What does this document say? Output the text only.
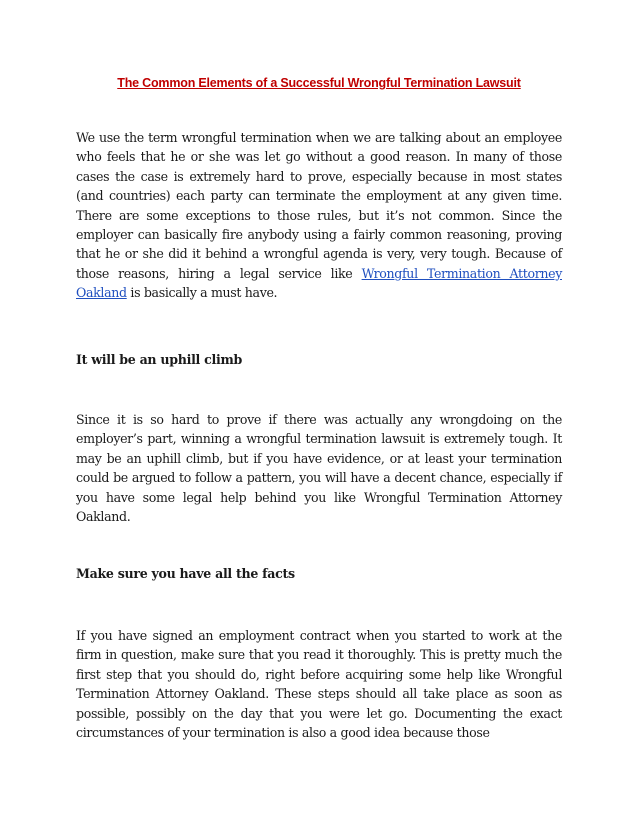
The Common Elements of a Successful Wrongful Termination Lawsuit

We use the term wrongful termination when we are talking about an employee who feels that he or she was let go without a good reason. In many of those cases the case is extremely hard to prove, especially because in most states (and countries) each party can terminate the employment at any given time. There are some exceptions to those rules, but it’s not common. Since the employer can basically fire anybody using a fairly common reasoning, proving that he or she did it behind a wrongful agenda is very, very tough. Because of those reasons, hiring a legal service like Wrongful Termination Attorney Oakland is basically a must have.

It will be an uphill climb

Since it is so hard to prove if there was actually any wrongdoing on the employer’s part, winning a wrongful termination lawsuit is extremely tough. It may be an uphill climb, but if you have evidence, or at least your termination could be argued to follow a pattern, you will have a decent chance, especially if you have some legal help behind you like Wrongful Termination Attorney Oakland.

Make sure you have all the facts

If you have signed an employment contract when you started to work at the firm in question, make sure that you read it thoroughly. This is pretty much the first step that you should do, right before acquiring some help like Wrongful Termination Attorney Oakland. These steps should all take place as soon as possible, possibly on the day that you were let go. Documenting the exact circumstances of your termination is also a good idea because those
